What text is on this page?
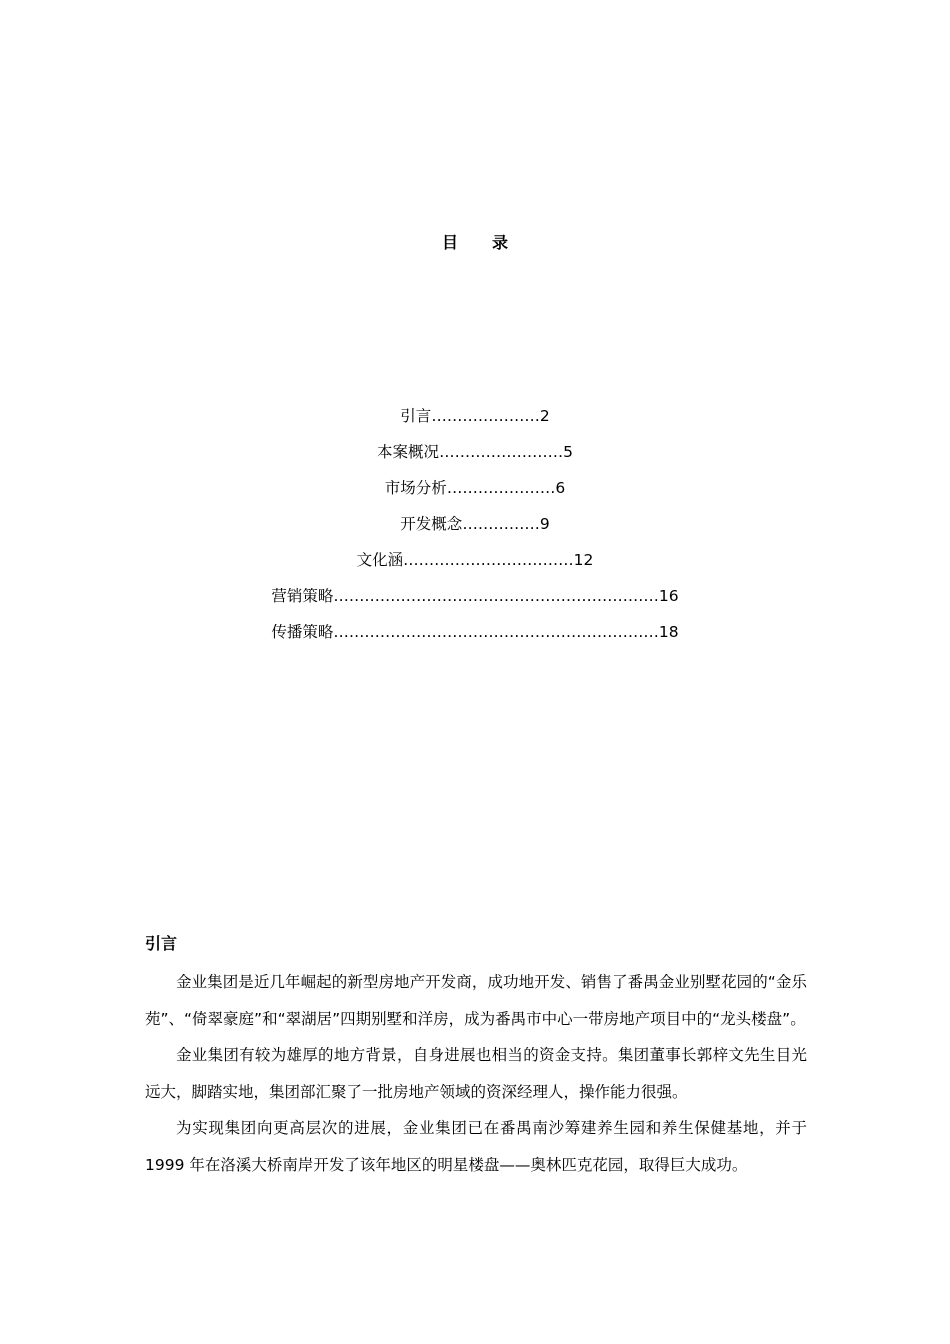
目 录
引言…………………2
本案概况……………………5
市场分析…………………6
开发概念……………9
文化涵……………………………12
营销策略………………………………………………………16
传播策略………………………………………………………18
引言

金业集团是近几年崛起的新型房地产开发商，成功地开发、销售了番禺金业别墅花园的“金乐苑”、“倚翠豪庭”和“翠湖居”四期别墅和洋房，成为番禺市中心一带房地产项目中的“龙头楼盘”。

金业集团有较为雄厚的地方背景，自身进展也相当的资金支持。集团董事长郭梓文先生目光远大，脚踏实地，集团部汇聚了一批房地产领域的资深经理人，操作能力很强。

为实现集团向更高层次的进展，金业集团已在番禺南沙筹建养生园和养生保健基地，并于 1999 年在洛溪大桥南岸开发了该年地区的明星楼盘——奥林匹克花园，取得巨大成功。
